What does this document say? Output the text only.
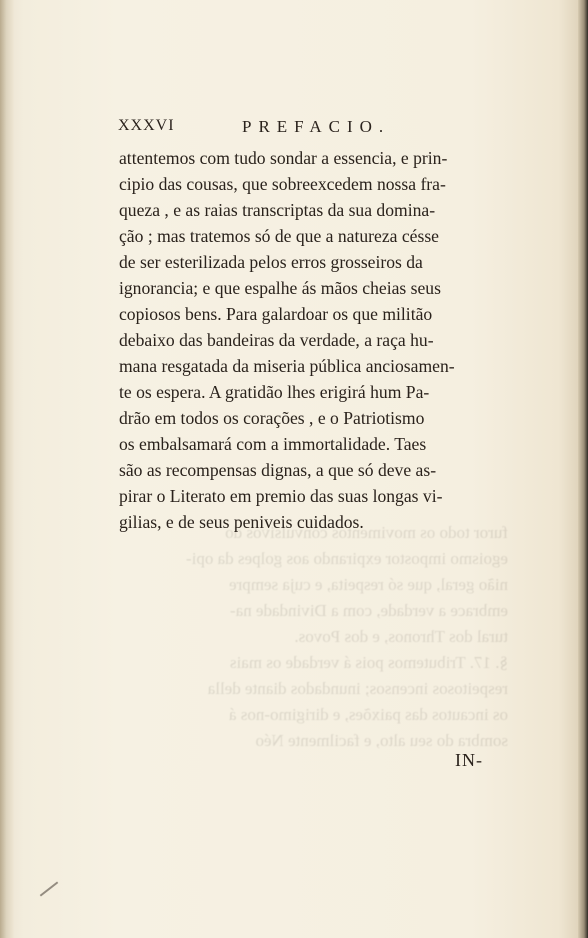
XXXVI	PREFACIO.
attentemos com tudo sondar a essencia, e prin-
cipio das cousas, que sobreexcedem nossa fra-
queza , e as raias transcriptas da sua domina-
ção ; mas tratemos só de que a natureza césse
de ser esterilizada pelos erros grosseiros da
ignorancia; e que espalhe ás mãos cheias seus
copiosos bens. Para galardoar os que militão
debaixo das bandeiras da verdade, a raça hu-
mana resgatada da miseria pública anciosamen-
te os espera. A gratidão lhes erigirá hum Pa-
drão em todos os corações , e o Patriotismo
os embalsamará com a immortalidade. Taes
são as recompensas dignas, a que só deve as-
pirar o Literato em premio das suas longas vi-
gilias, e de seus peniveis cuidados.
furor todo os movimentos convulsivos do
egoismo impostor expirando aos golpes da opi-
nião geral, que só respeita, e cuja sempre
embrace a verdade, com a Divindade na-
tural dos Thronos, e dos Povos.
§. 17. Tributemos pois á verdade os mais
respeitosos incensos; inundados diante della
os incautos das paixões, e dirigimo-nos á
sombra do seu alto, e facilmente Néo
IN-
